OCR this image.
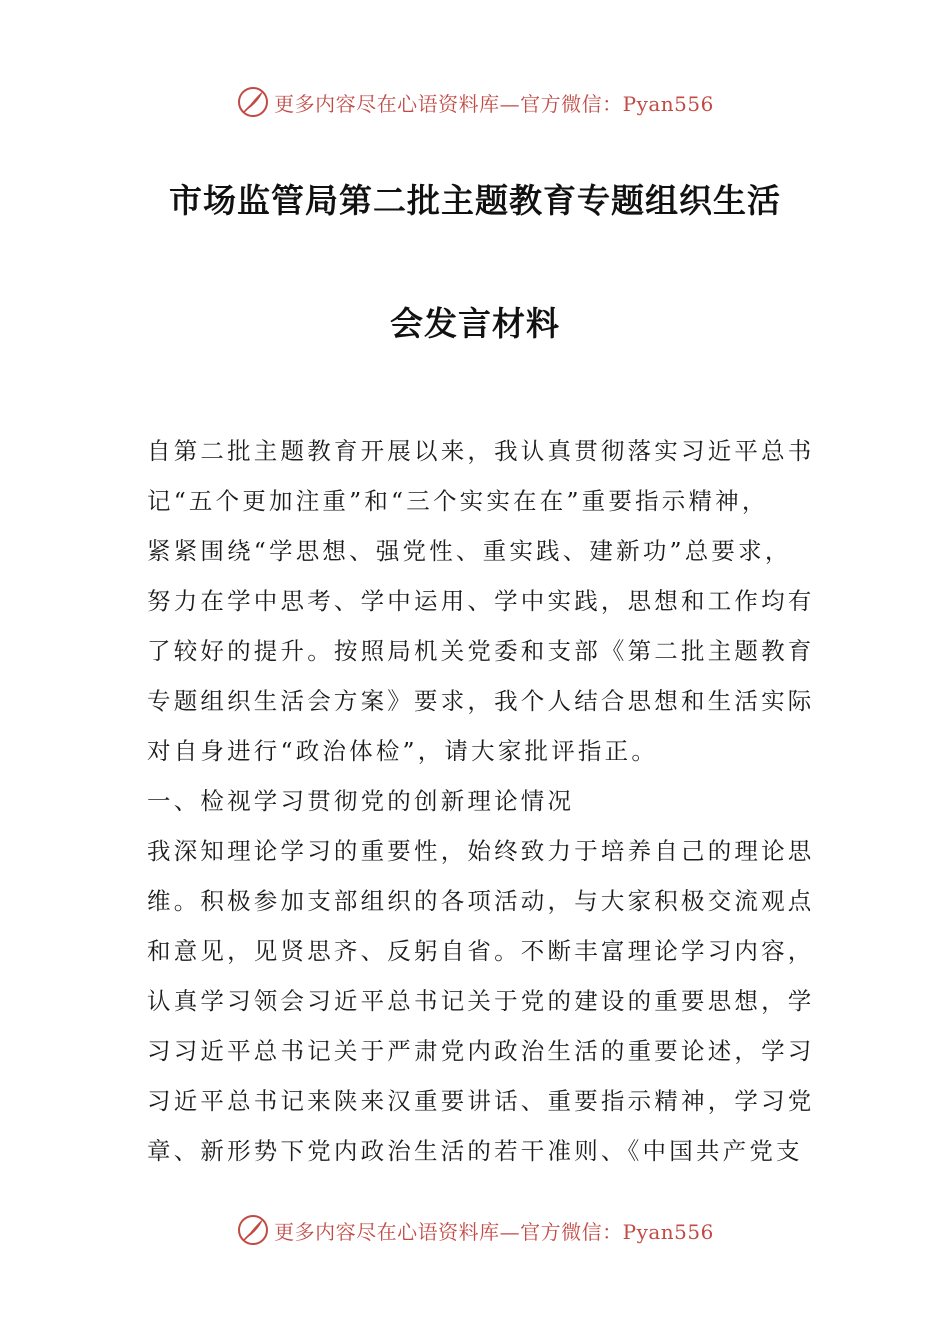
更多内容尽在心语资料库—官方微信：Pyan556
市场监管局第二批主题教育专题组织生活
会发言材料
自第二批主题教育开展以来，我认真贯彻落实习近平总书
记“五个更加注重”和“三个实实在在”重要指示精神，
紧紧围绕“学思想、强党性、重实践、建新功”总要求，
努力在学中思考、学中运用、学中实践，思想和工作均有
了较好的提升。按照局机关党委和支部《第二批主题教育
专题组织生活会方案》要求，我个人结合思想和生活实际
对自身进行“政治体检”，请大家批评指正。
一、检视学习贯彻党的创新理论情况
我深知理论学习的重要性，始终致力于培养自己的理论思
维。积极参加支部组织的各项活动，与大家积极交流观点
和意见，见贤思齐、反躬自省。不断丰富理论学习内容，
认真学习领会习近平总书记关于党的建设的重要思想，学
习习近平总书记关于严肃党内政治生活的重要论述，学习
习近平总书记来陕来汉重要讲话、重要指示精神，学习党
章、新形势下党内政治生活的若干准则、《中国共产党支
更多内容尽在心语资料库—官方微信：Pyan556
